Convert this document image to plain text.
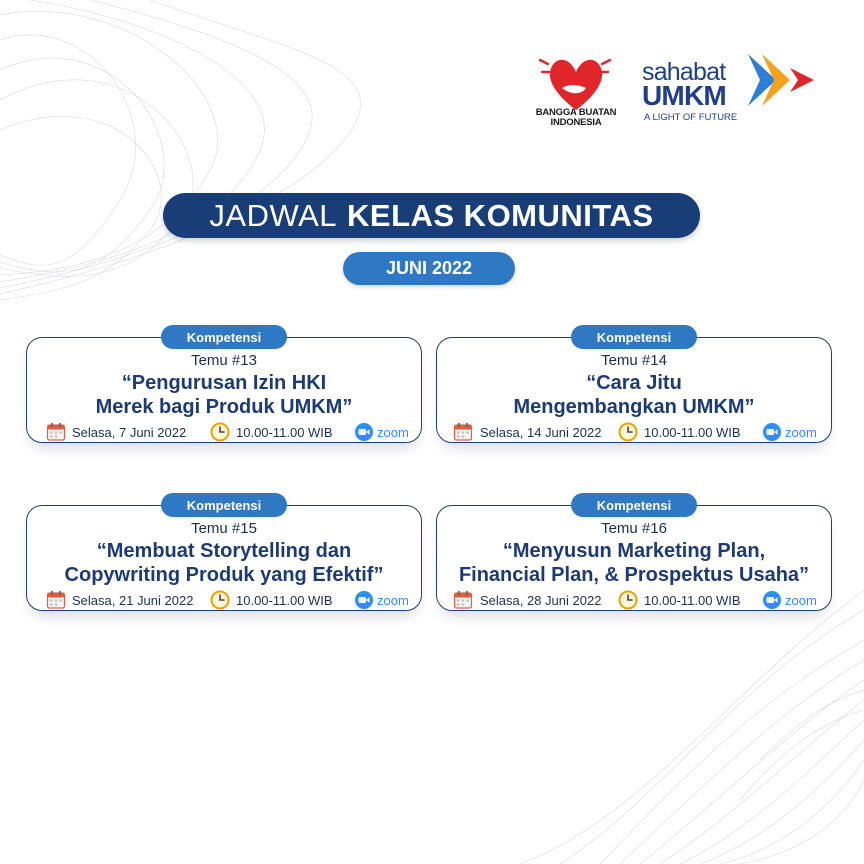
BANGGA BUATAN
INDONESIA
sahabat
UMKM
A LIGHT OF FUTURE
JADWAL KELAS KOMUNITAS
JUNI 2022
Kompetensi
Temu #13
“Pengurusan Izin HKI
Merek bagi Produk UMKM”
Selasa, 7 Juni 2022	10.00-11.00 WIB	zoom
Kompetensi
Temu #14
“Cara Jitu
Mengembangkan UMKM”
Selasa, 14 Juni 2022	10.00-11.00 WIB	zoom
Kompetensi
Temu #15
“Membuat Storytelling dan
Copywriting Produk yang Efektif”
Selasa, 21 Juni 2022	10.00-11.00 WIB	zoom
Kompetensi
Temu #16
“Menyusun Marketing Plan,
Financial Plan, & Prospektus Usaha”
Selasa, 28 Juni 2022	10.00-11.00 WIB	zoom
